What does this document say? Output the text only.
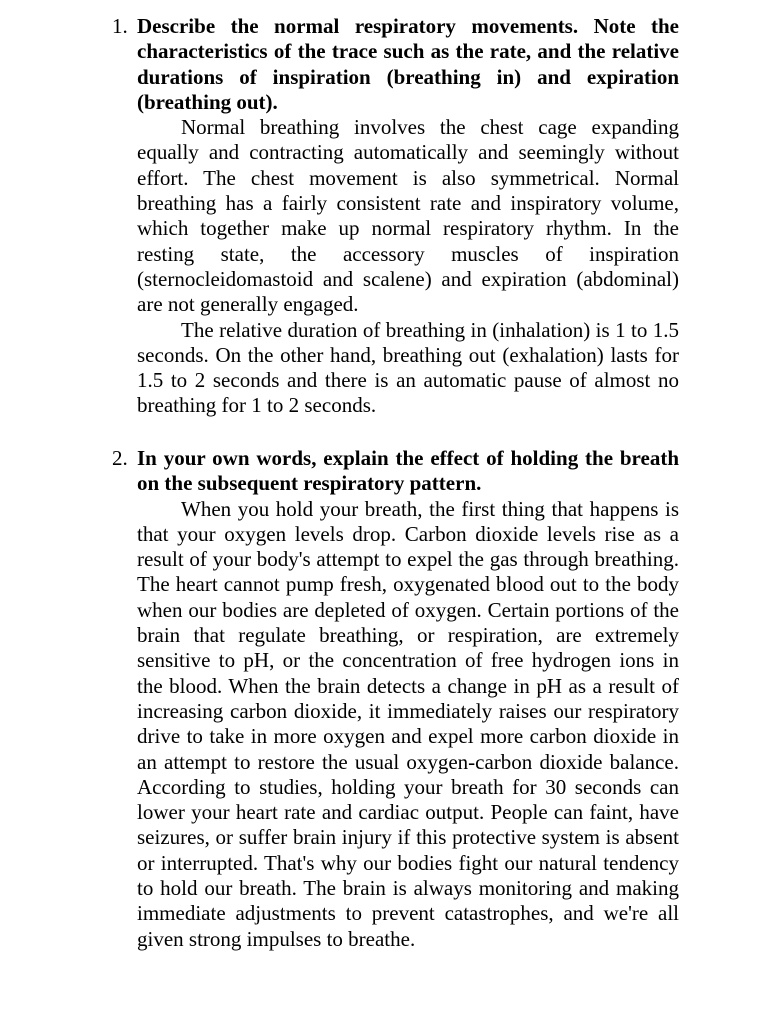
1. Describe the normal respiratory movements. Note the characteristics of the trace such as the rate, and the relative durations of inspiration (breathing in) and expiration (breathing out).

Normal breathing involves the chest cage expanding equally and contracting automatically and seemingly without effort. The chest movement is also symmetrical. Normal breathing has a fairly consistent rate and inspiratory volume, which together make up normal respiratory rhythm. In the resting state, the accessory muscles of inspiration (sternocleidomastoid and scalene) and expiration (abdominal) are not generally engaged.

The relative duration of breathing in (inhalation) is 1 to 1.5 seconds. On the other hand, breathing out (exhalation) lasts for 1.5 to 2 seconds and there is an automatic pause of almost no breathing for 1 to 2 seconds.

2. In your own words, explain the effect of holding the breath on the subsequent respiratory pattern.

When you hold your breath, the first thing that happens is that your oxygen levels drop. Carbon dioxide levels rise as a result of your body's attempt to expel the gas through breathing. The heart cannot pump fresh, oxygenated blood out to the body when our bodies are depleted of oxygen. Certain portions of the brain that regulate breathing, or respiration, are extremely sensitive to pH, or the concentration of free hydrogen ions in the blood. When the brain detects a change in pH as a result of increasing carbon dioxide, it immediately raises our respiratory drive to take in more oxygen and expel more carbon dioxide in an attempt to restore the usual oxygen-carbon dioxide balance. According to studies, holding your breath for 30 seconds can lower your heart rate and cardiac output. People can faint, have seizures, or suffer brain injury if this protective system is absent or interrupted. That's why our bodies fight our natural tendency to hold our breath. The brain is always monitoring and making immediate adjustments to prevent catastrophes, and we're all given strong impulses to breathe.
